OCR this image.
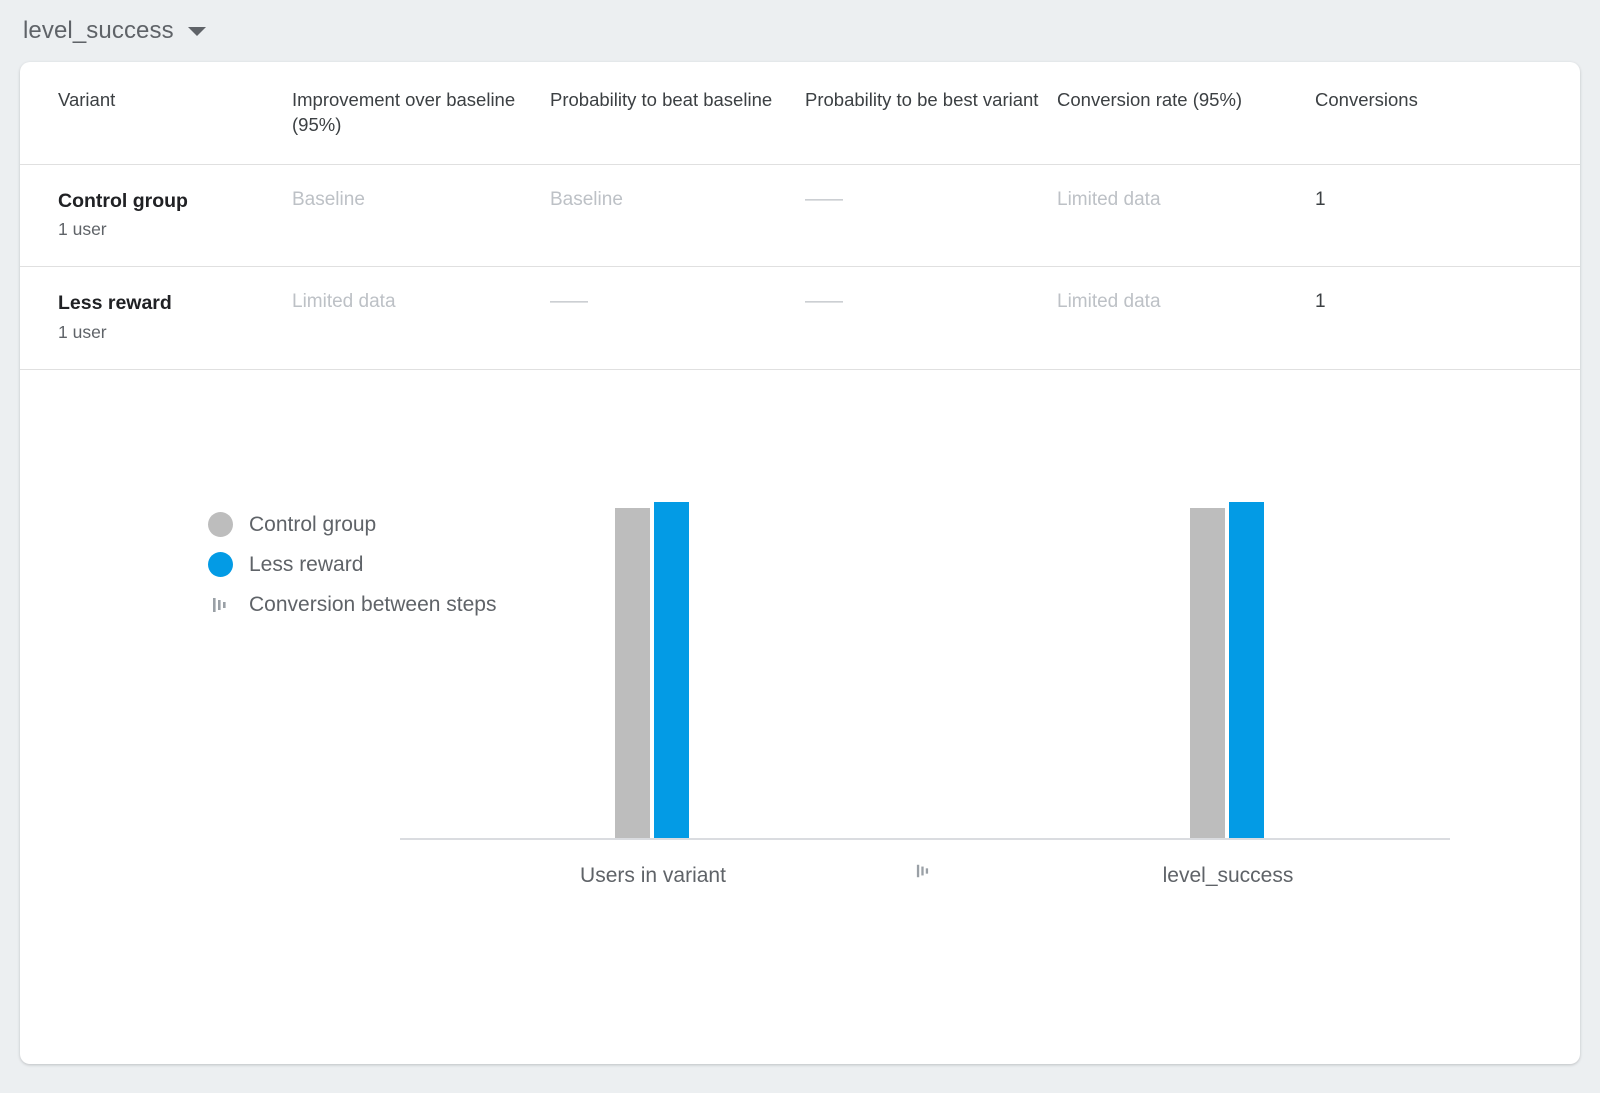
level_success
Variant	Improvement over baseline (95%)	Probability to beat baseline	Probability to be best variant	Conversion rate (95%)	Conversions

Control group
1 user	Baseline	Baseline	——	Limited data	1

Less reward
1 user	Limited data	——	——	Limited data	1
Control group
Less reward
Conversion between steps
Users in variant	level_success
